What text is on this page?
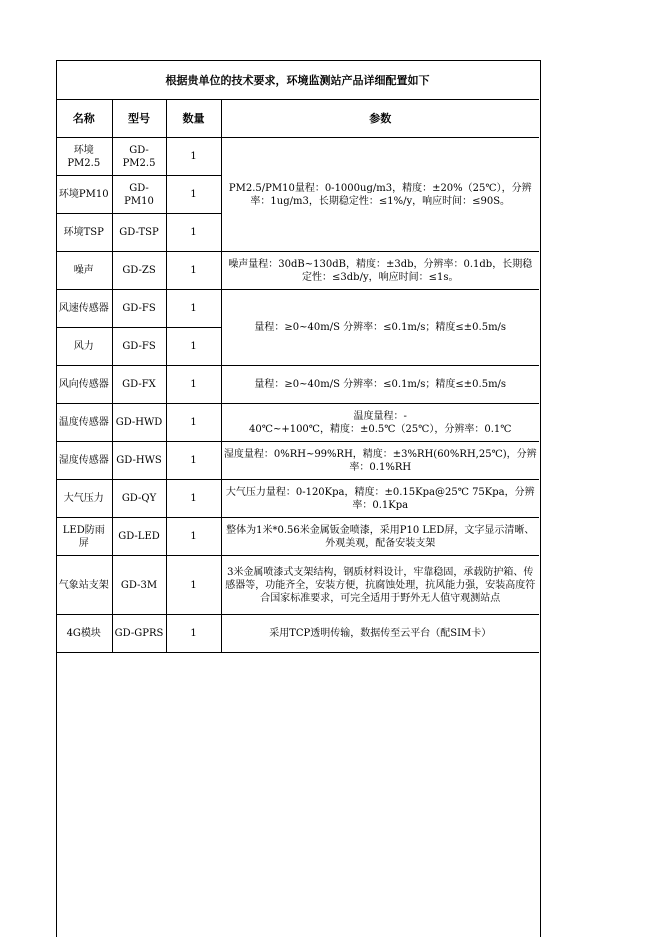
根据贵单位的技术要求，环境监测站产品详细配置如下
名称	型号	数量	参数
环境PM2.5	GD-PM2.5	1	PM2.5/PM10量程：0-1000ug/m3，精度：±20%（25℃），分辨率：1ug/m3，长期稳定性：≤1%/y，响应时间：≤90S。
环境PM10	GD-PM10	1	
环境TSP	GD-TSP	1	
噪声	GD-ZS	1	噪声量程：30dB~130dB，精度：±3db，分辨率：0.1db，长期稳定性：≤3db/y，响应时间：≤1s。
风速传感器	GD-FS	1	量程：≥0~40m/S 分辨率：≤0.1m/s；精度≤±0.5m/s
风力	GD-FS	1	
风向传感器	GD-FX	1	量程：≥0~40m/S 分辨率：≤0.1m/s；精度≤±0.5m/s
温度传感器	GD-HWD	1	温度量程：-
40℃~+100℃，精度：±0.5℃（25℃），分辨率：0.1℃

湿度传感器	GD-HWS	1	湿度量程：0%RH~99%RH，精度：±3%RH(60%RH,25℃)，分辨率：0.1%RH
大气压力	GD-QY	1	大气压力量程：0-120Kpa，精度：±0.15Kpa@25℃ 75Kpa，分辨率：0.1Kpa
LED防雨屏	GD-LED	1	整体为1米*0.56米金属钣金喷漆，采用P10 LED屏，文字显示清晰、外观美观，配备安装支架
气象站支架	GD-3M	1	3米金属喷漆式支架结构，钢质材料设计，牢靠稳固，承载防护箱、传感器等，功能齐全，安装方便，抗腐蚀处理，抗风能力强，安装高度符合国家标准要求，可完全适用于野外无人值守观测站点
4G模块	GD-GPRS	1	采用TCP透明传输，数据传至云平台（配SIM卡）
